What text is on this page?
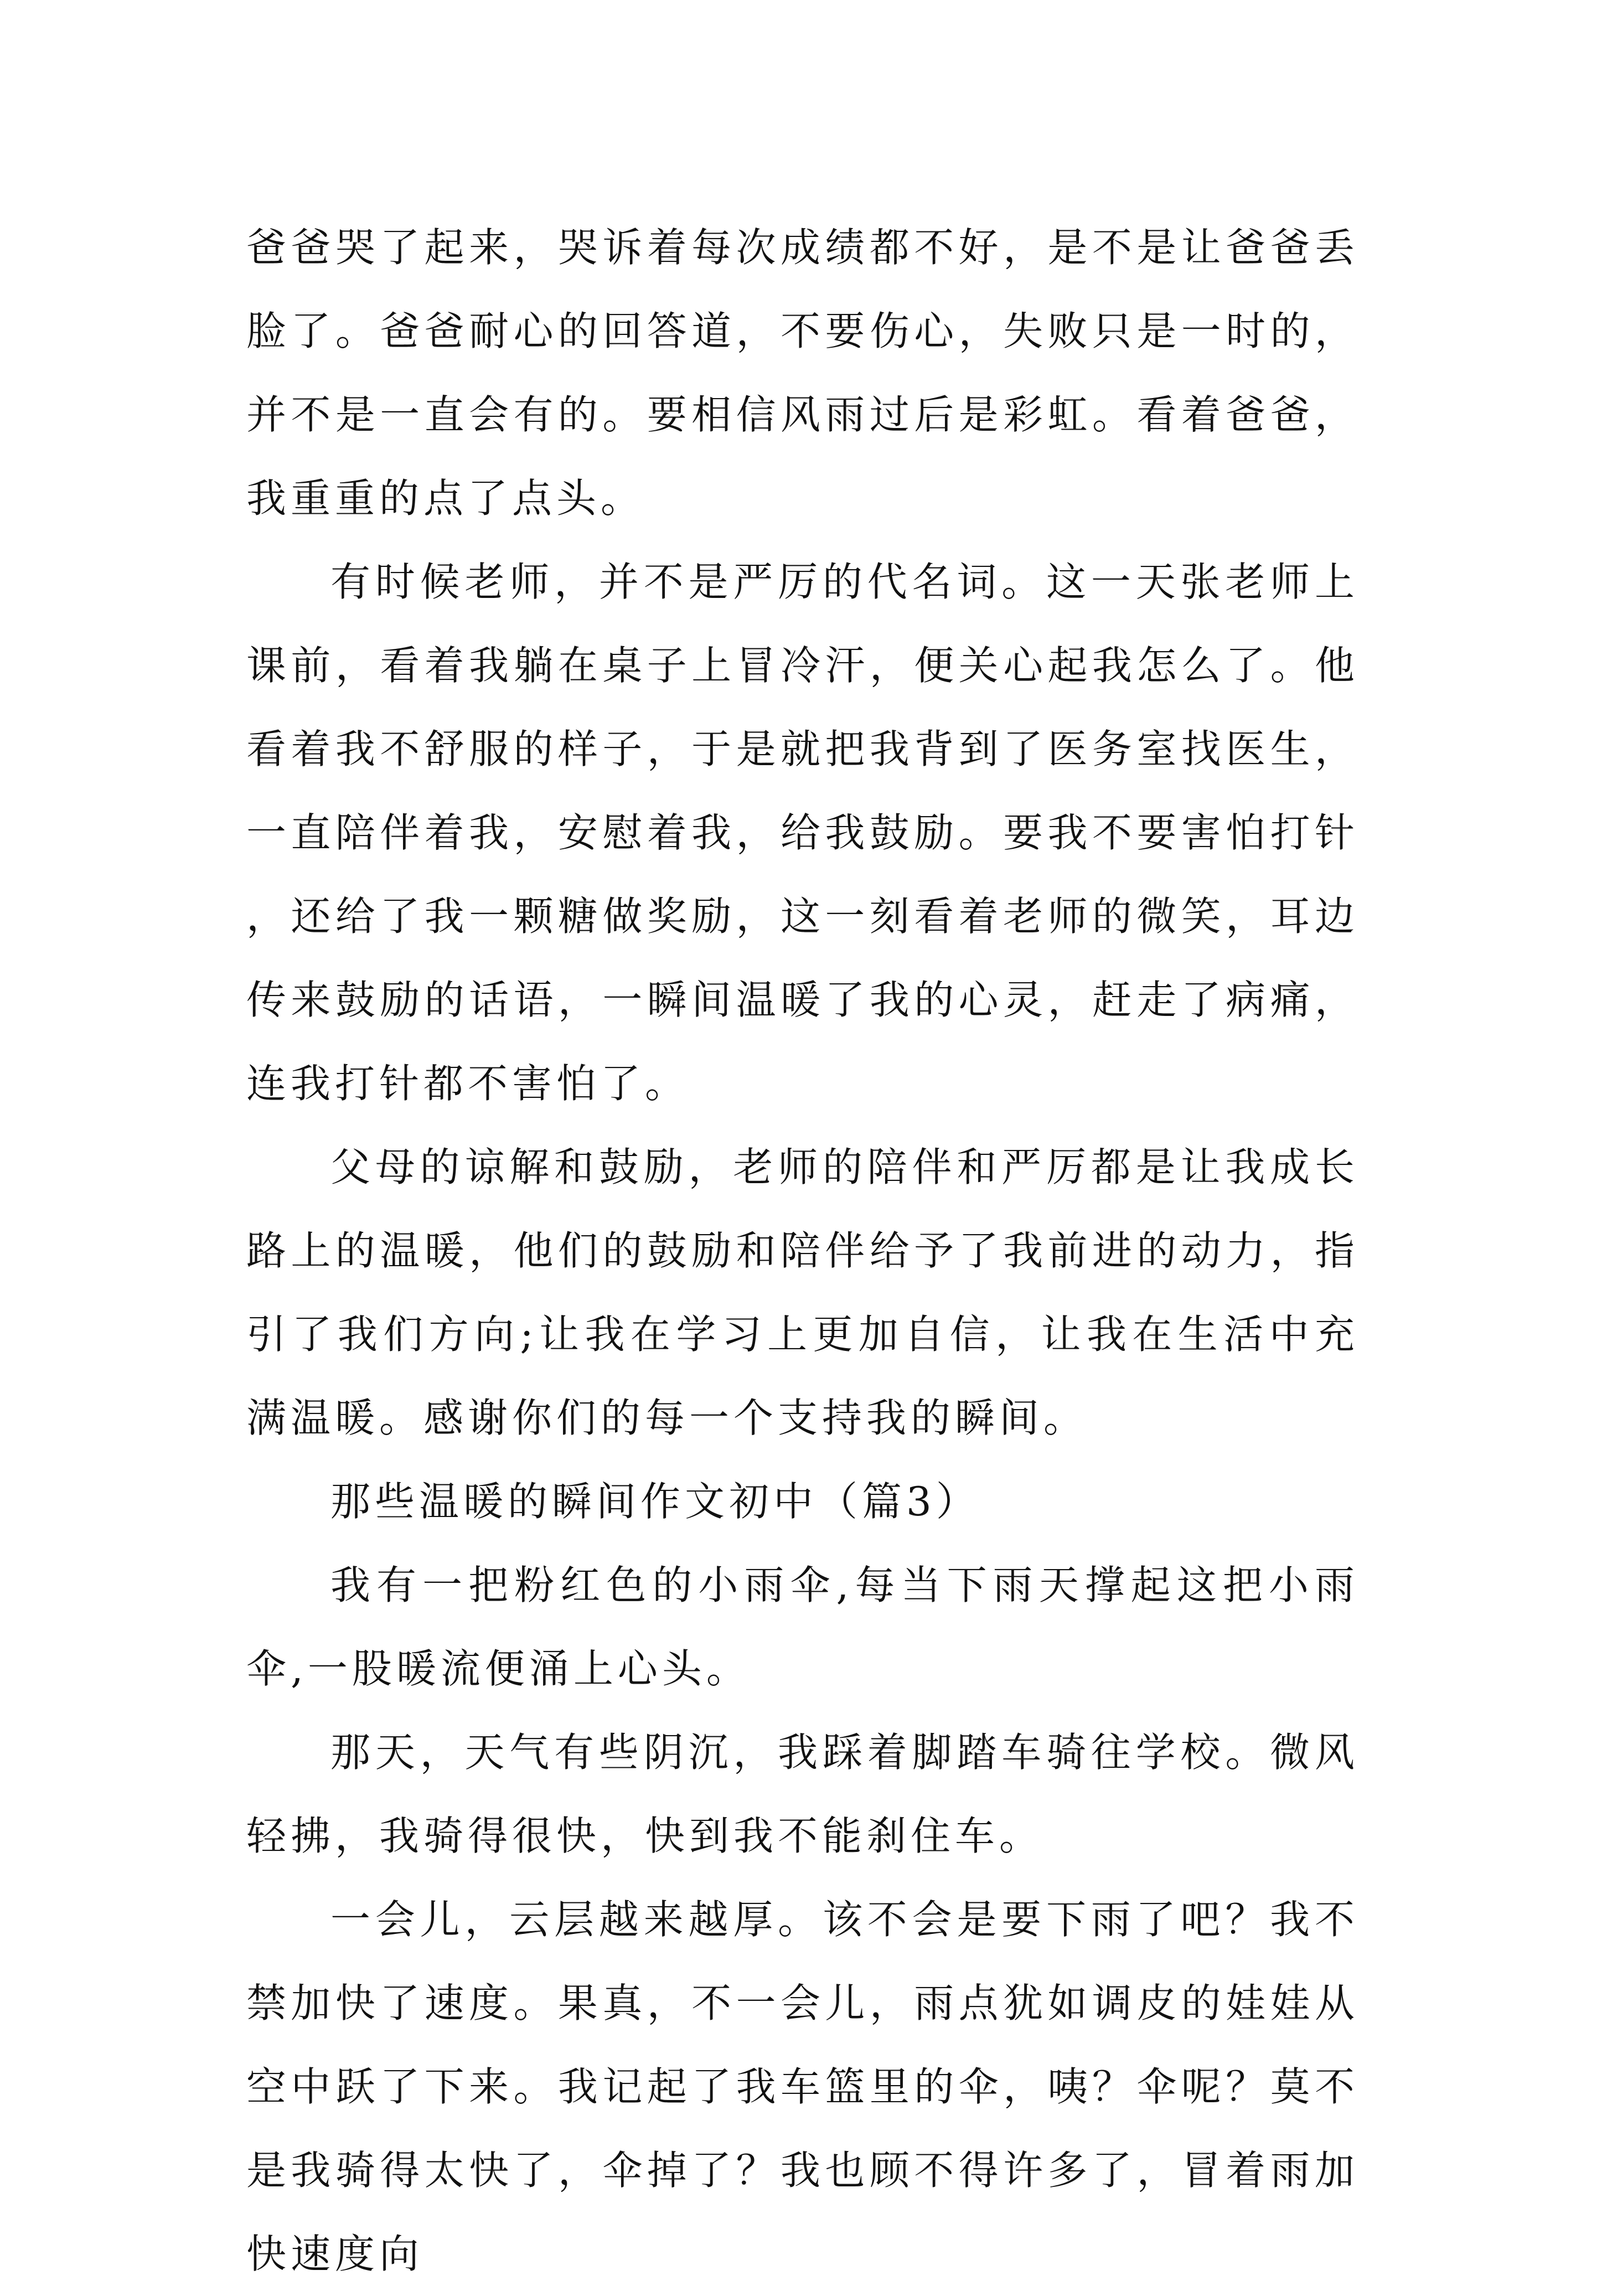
爸爸哭了起来，哭诉着每次成绩都不好，是不是让爸爸丢脸了。爸爸耐心的回答道，不要伤心，失败只是一时的，并不是一直会有的。要相信风雨过后是彩虹。看着爸爸，我重重的点了点头。

有时候老师，并不是严厉的代名词。这一天张老师上课前，看着我躺在桌子上冒冷汗，便关心起我怎么了。他看着我不舒服的样子，于是就把我背到了医务室找医生，一直陪伴着我，安慰着我，给我鼓励。要我不要害怕打针，还给了我一颗糖做奖励，这一刻看着老师的微笑，耳边传来鼓励的话语，一瞬间温暖了我的心灵，赶走了病痛，连我打针都不害怕了。

父母的谅解和鼓励，老师的陪伴和严厉都是让我成长路上的温暖，他们的鼓励和陪伴给予了我前进的动力，指引了我们方向;让我在学习上更加自信，让我在生活中充满温暖。感谢你们的每一个支持我的瞬间。

那些温暖的瞬间作文初中（篇3）

我有一把粉红色的小雨伞,每当下雨天撑起这把小雨伞,一股暖流便涌上心头。

那天，天气有些阴沉，我踩着脚踏车骑往学校。微风轻拂，我骑得很快，快到我不能刹住车。

一会儿，云层越来越厚。该不会是要下雨了吧？我不禁加快了速度。果真，不一会儿，雨点犹如调皮的娃娃从空中跃了下来。我记起了我车篮里的伞，咦？伞呢？莫不是我骑得太快了，伞掉了？我也顾不得许多了，冒着雨加快速度向
